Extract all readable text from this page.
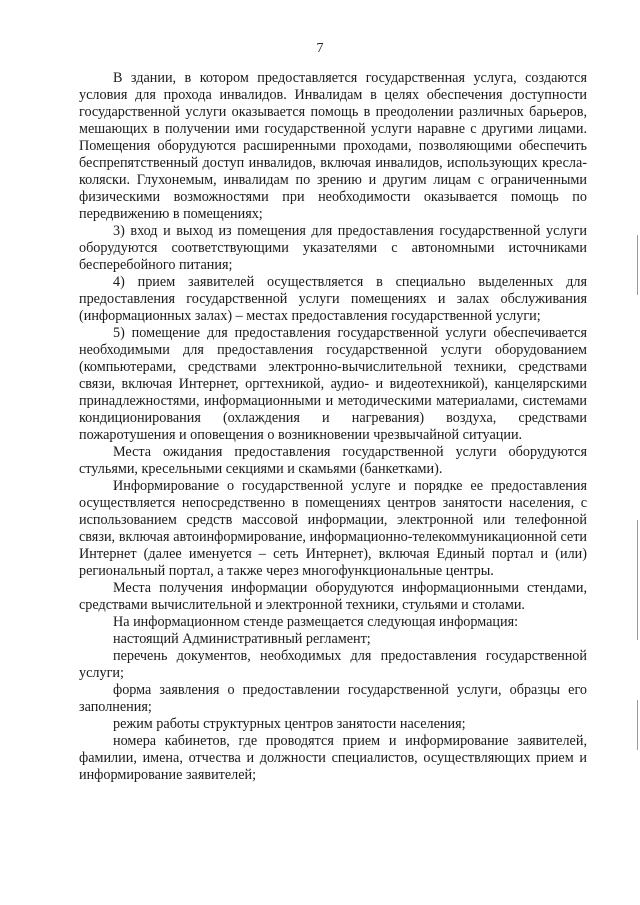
7

В здании, в котором предоставляется государственная услуга, создаются условия для прохода инвалидов. Инвалидам в целях обеспечения доступности государственной услуги оказывается помощь в преодолении различных барьеров, мешающих в получении ими государственной услуги наравне с другими лицами. Помещения оборудуются расширенными проходами, позволяющими обеспечить беспрепятственный доступ инвалидов, включая инвалидов, использующих кресла-коляски. Глухонемым, инвалидам по зрению и другим лицам с ограниченными физическими возможностями при необходимости оказывается помощь по передвижению в помещениях;

3) вход и выход из помещения для предоставления государственной услуги оборудуются соответствующими указателями с автономными источниками бесперебойного питания;

4) прием заявителей осуществляется в специально выделенных для предоставления государственной услуги помещениях и залах обслуживания (информационных залах) – местах предоставления государственной услуги;

5) помещение для предоставления государственной услуги обеспечивается необходимыми для предоставления государственной услуги оборудованием (компьютерами, средствами электронно-вычислительной техники, средствами связи, включая Интернет, оргтехникой, аудио- и видеотехникой), канцелярскими принадлежностями, информационными и методическими материалами, системами кондиционирования (охлаждения и нагревания) воздуха, средствами пожаротушения и оповещения о возникновении чрезвычайной ситуации.

Места ожидания предоставления государственной услуги оборудуются стульями, кресельными секциями и скамьями (банкетками).

Информирование о государственной услуге и порядке ее предоставления осуществляется непосредственно в помещениях центров занятости населения, с использованием средств массовой информации, электронной или телефонной связи, включая автоинформирование, информационно-телекоммуникационной сети Интернет (далее именуется – сеть Интернет), включая Единый портал и (или) региональный портал, а также через многофункциональные центры.

Места получения информации оборудуются информационными стендами, средствами вычислительной и электронной техники, стульями и столами.

На информационном стенде размещается следующая информация:

настоящий Административный регламент;

перечень документов, необходимых для предоставления государственной услуги;

форма заявления о предоставлении государственной услуги, образцы его заполнения;

режим работы структурных центров занятости населения;

номера кабинетов, где проводятся прием и информирование заявителей, фамилии, имена, отчества и должности специалистов, осуществляющих прием и информирование заявителей;
